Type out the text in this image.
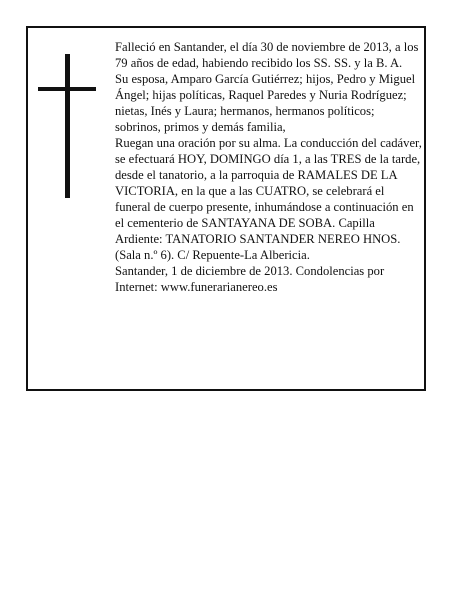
Falleció en Santander, el día 30 de noviembre de 2013, a los 79 años de edad, habiendo recibido los SS. SS. y la B. A.

Su esposa, Amparo García Gutiérrez; hijos, Pedro y Miguel Ángel; hijas políticas, Raquel Paredes y Nuria Rodríguez; nietas, Inés y Laura; hermanos, hermanos políticos; sobrinos, primos y demás familia,

Ruegan una oración por su alma. La conducción del cadáver, se efectuará HOY, DOMINGO día 1, a las TRES de la tarde, desde el tanatorio, a la parroquia de RAMALES DE LA VICTORIA, en la que a las CUATRO, se celebrará el funeral de cuerpo presente, inhumándose a continuación en el cementerio de SANTAYANA DE SOBA. Capilla Ardiente: TANATORIO SANTANDER NEREO HNOS. (Sala n.º 6). C/ Repuente-La Albericia.

Santander, 1 de diciembre de 2013. Condolencias por Internet: www.funerarianereo.es
